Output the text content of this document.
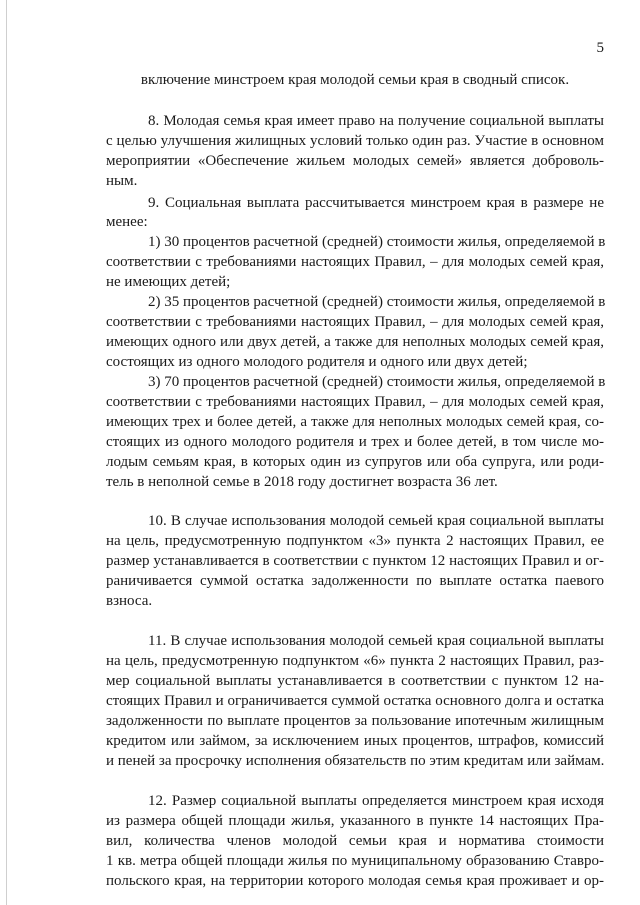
5
включение минстроем края молодой семьи края в сводный список.
8. Молодая семья края имеет право на получение социальной выплаты
с целью улучшения жилищных условий только один раз. Участие в основном
мероприятии «Обеспечение жильем молодых семей» является доброволь-
ным.
9. Социальная выплата рассчитывается минстроем края в размере не
менее:
1) 30 процентов расчетной (средней) стоимости жилья, определяемой в
соответствии с требованиями настоящих Правил, – для молодых семей края,
не имеющих детей;
2) 35 процентов расчетной (средней) стоимости жилья, определяемой в
соответствии с требованиями настоящих Правил, – для молодых семей края,
имеющих одного или двух детей, а также для неполных молодых семей края,
состоящих из одного молодого родителя и одного или двух детей;
3) 70 процентов расчетной (средней) стоимости жилья, определяемой в
соответствии с требованиями настоящих Правил, – для молодых семей края,
имеющих трех и более детей, а также для неполных молодых семей края, со-
стоящих из одного молодого родителя и трех и более детей, в том числе мо-
лодым семьям края, в которых один из супругов или оба супруга, или роди-
тель в неполной семье в 2018 году достигнет возраста 36 лет.
10. В случае использования молодой семьей края социальной выплаты
на цель, предусмотренную подпунктом «3» пункта 2 настоящих Правил, ее
размер устанавливается в соответствии с пунктом 12 настоящих Правил и ог-
раничивается суммой остатка задолженности по выплате остатка паевого
взноса.
11. В случае использования молодой семьей края социальной выплаты
на цель, предусмотренную подпунктом «6» пункта 2 настоящих Правил, раз-
мер социальной выплаты устанавливается в соответствии с пунктом 12 на-
стоящих Правил и ограничивается суммой остатка основного долга и остатка
задолженности по выплате процентов за пользование ипотечным жилищным
кредитом или займом, за исключением иных процентов, штрафов, комиссий
и пеней за просрочку исполнения обязательств по этим кредитам или займам.
12. Размер социальной выплаты определяется минстроем края исходя
из размера общей площади жилья, указанного в пункте 14 настоящих Пра-
вил, количества членов молодой семьи края и норматива стоимости
1 кв. метра общей площади жилья по муниципальному образованию Ставро-
польского края, на территории которого молодая семья края проживает и ор-
